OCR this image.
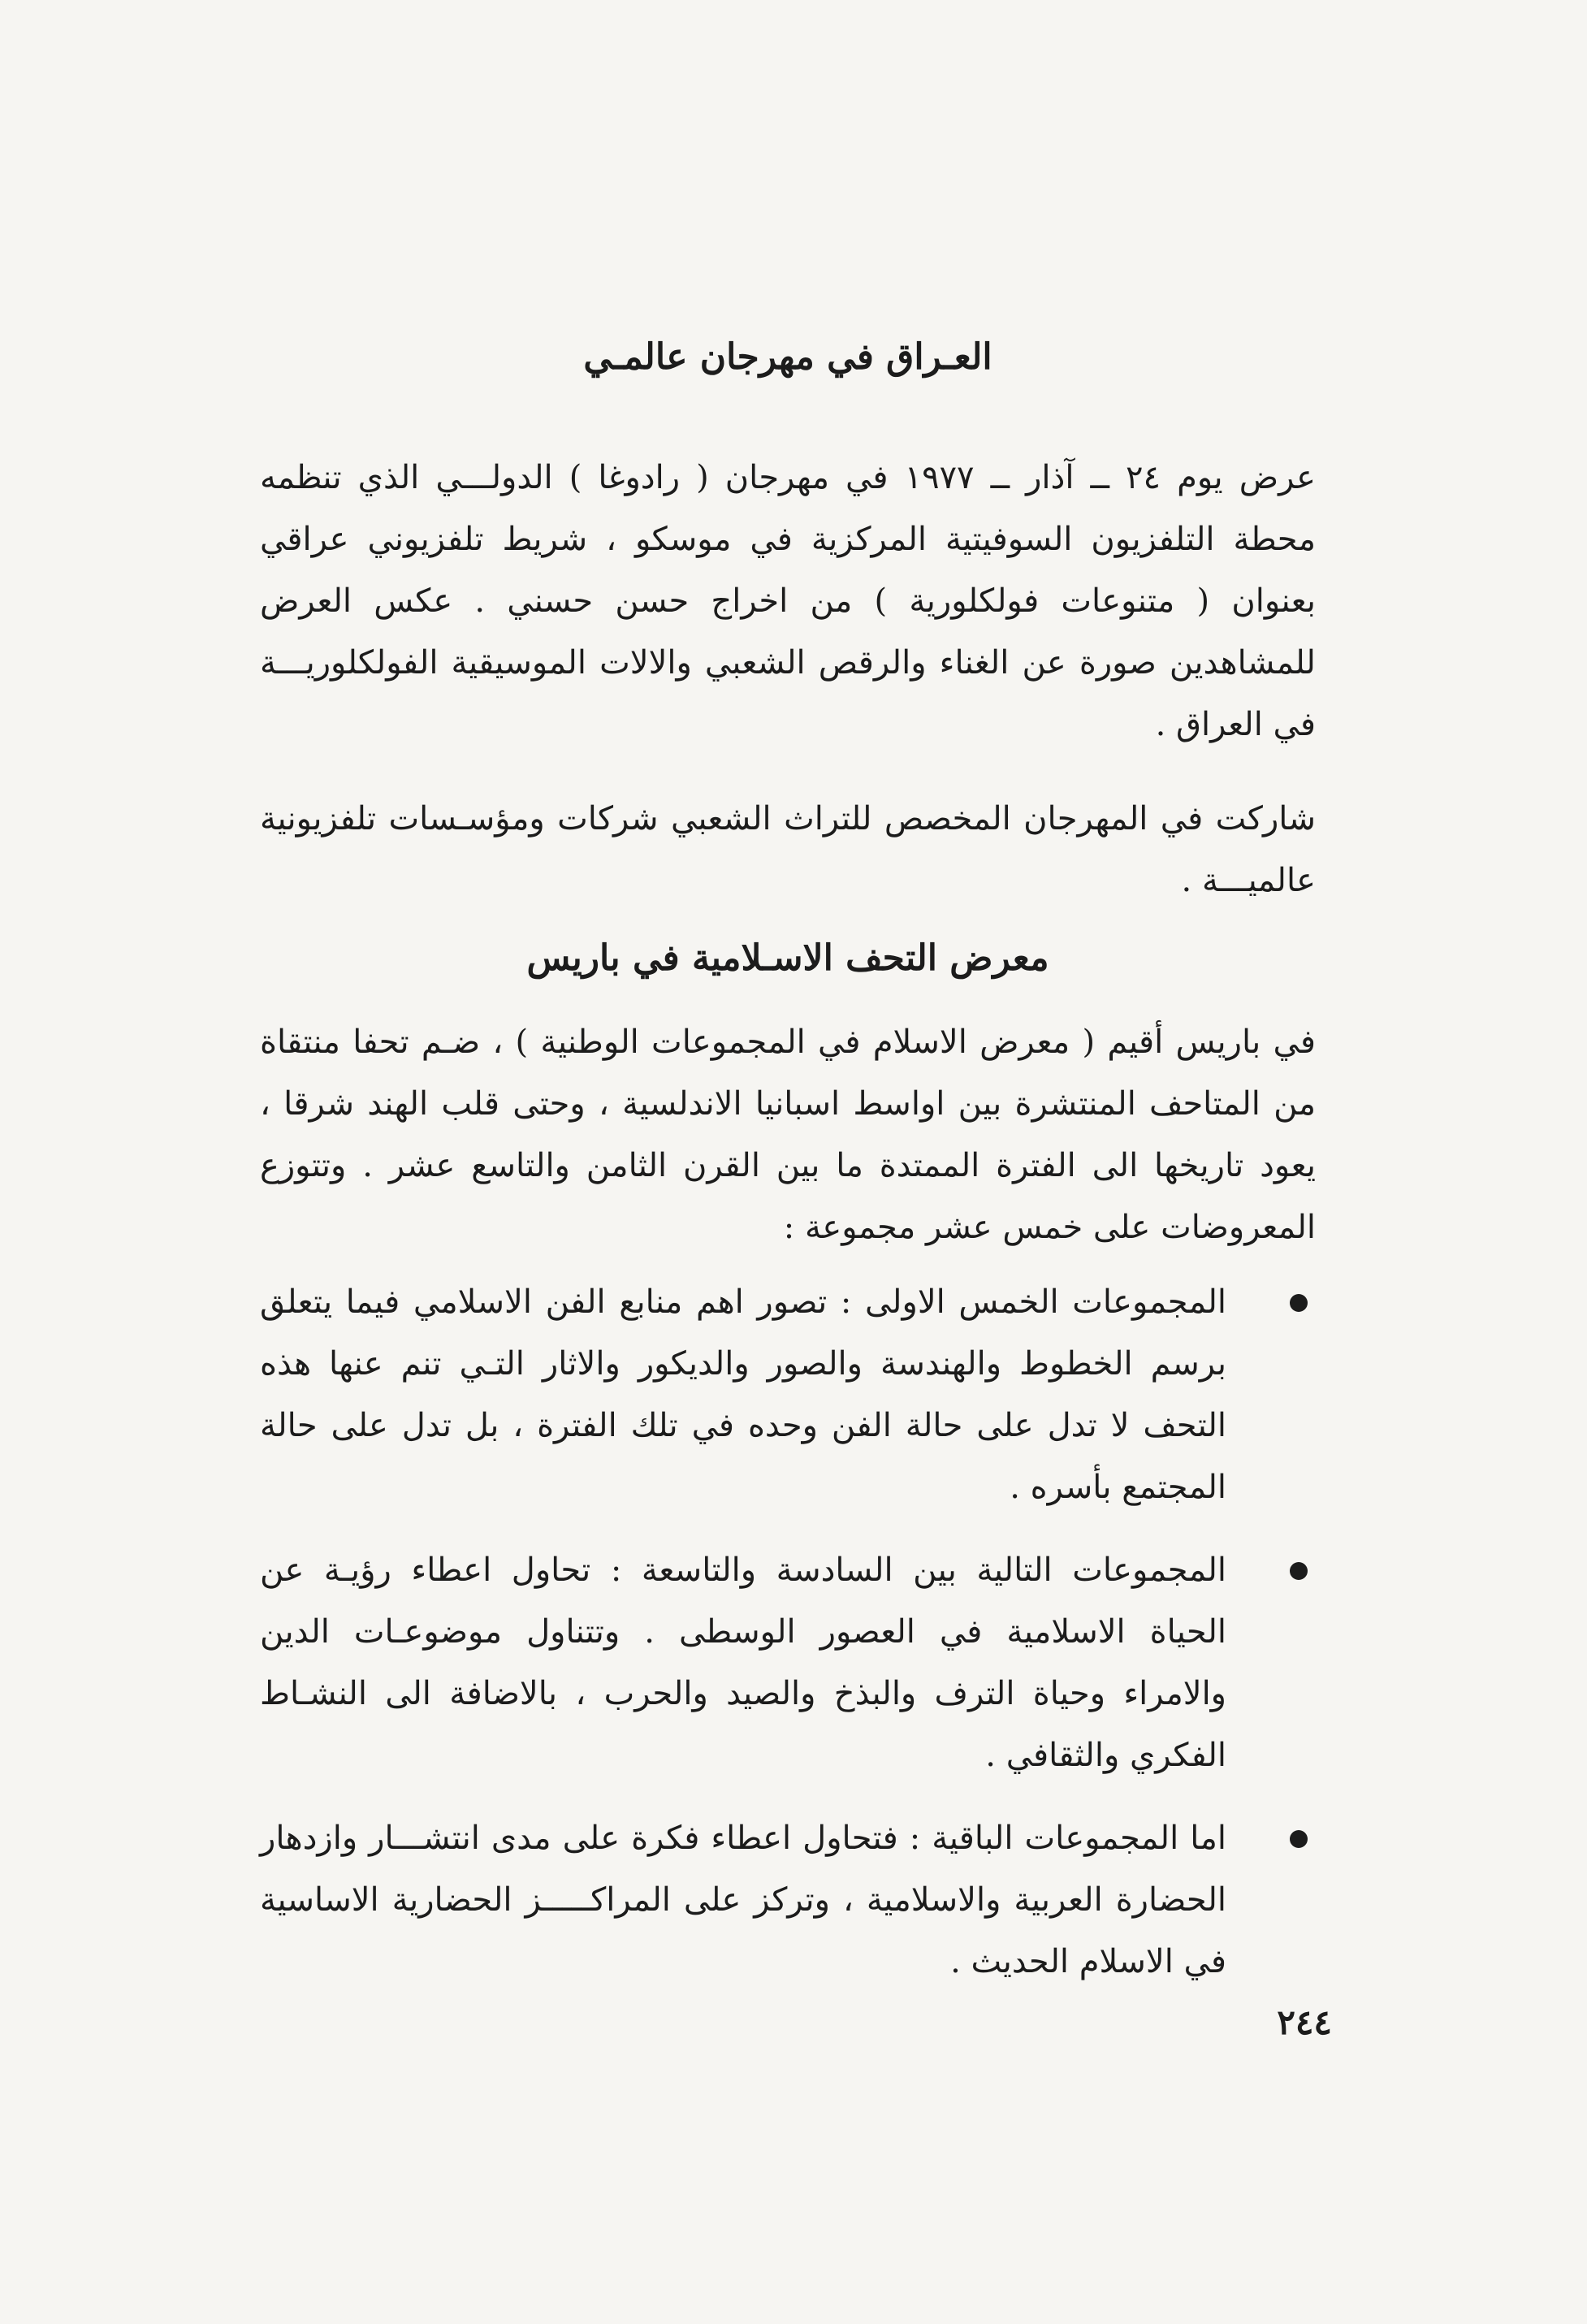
العـراق في مهرجان عالمـي

عرض يوم ٢٤ ــ آذار ــ ١٩٧٧ في مهرجان ( رادوغا ) الدولـــي الذي تنظمه محطة التلفزيون السوفيتية المركزية في موسكو ، شريط تلفزيوني عراقي بعنوان ( متنوعات فولكلورية ) من اخراج حسن حسني . عكس العرض للمشاهدين صورة عن الغناء والرقص الشعبي والالات الموسيقية الفولكلوريـــة في العراق .

شاركت في المهرجان المخصص للتراث الشعبي شركات ومؤسـسات تلفزيونية عالميـــة .

معرض التحف الاسـلامية في باريس

في باريس أقيم ( معرض الاسلام في المجموعات الوطنية ) ، ضـم تحفا منتقاة من المتاحف المنتشرة بين اواسط اسبانيا الاندلسية ، وحتى قلب الهند شرقا ، يعود تاريخها الى الفترة الممتدة ما بين القرن الثامن والتاسع عشر . وتتوزع المعروضات على خمس عشر مجموعة :

المجموعات الخمس الاولى : تصور اهم منابع الفن الاسلامي فيما يتعلق برسم الخطوط والهندسة والصور والديكور والاثار التـي تنم عنها هذه التحف لا تدل على حالة الفن وحده في تلك الفترة ، بل تدل على حالة المجتمع بأسره .
المجموعات التالية بين السادسة والتاسعة : تحاول اعطاء رؤيـة عن الحياة الاسلامية في العصور الوسطى . وتتناول موضوعـات الدين والامراء وحياة الترف والبذخ والصيد والحرب ، بالاضافة الى النشـاط الفكري والثقافي .
اما المجموعات الباقية : فتحاول اعطاء فكرة على مدى انتشـــار وازدهار الحضارة العربية والاسلامية ، وتركز على المراكـــــز الحضارية الاساسية في الاسلام الحديث .
٢٤٤
